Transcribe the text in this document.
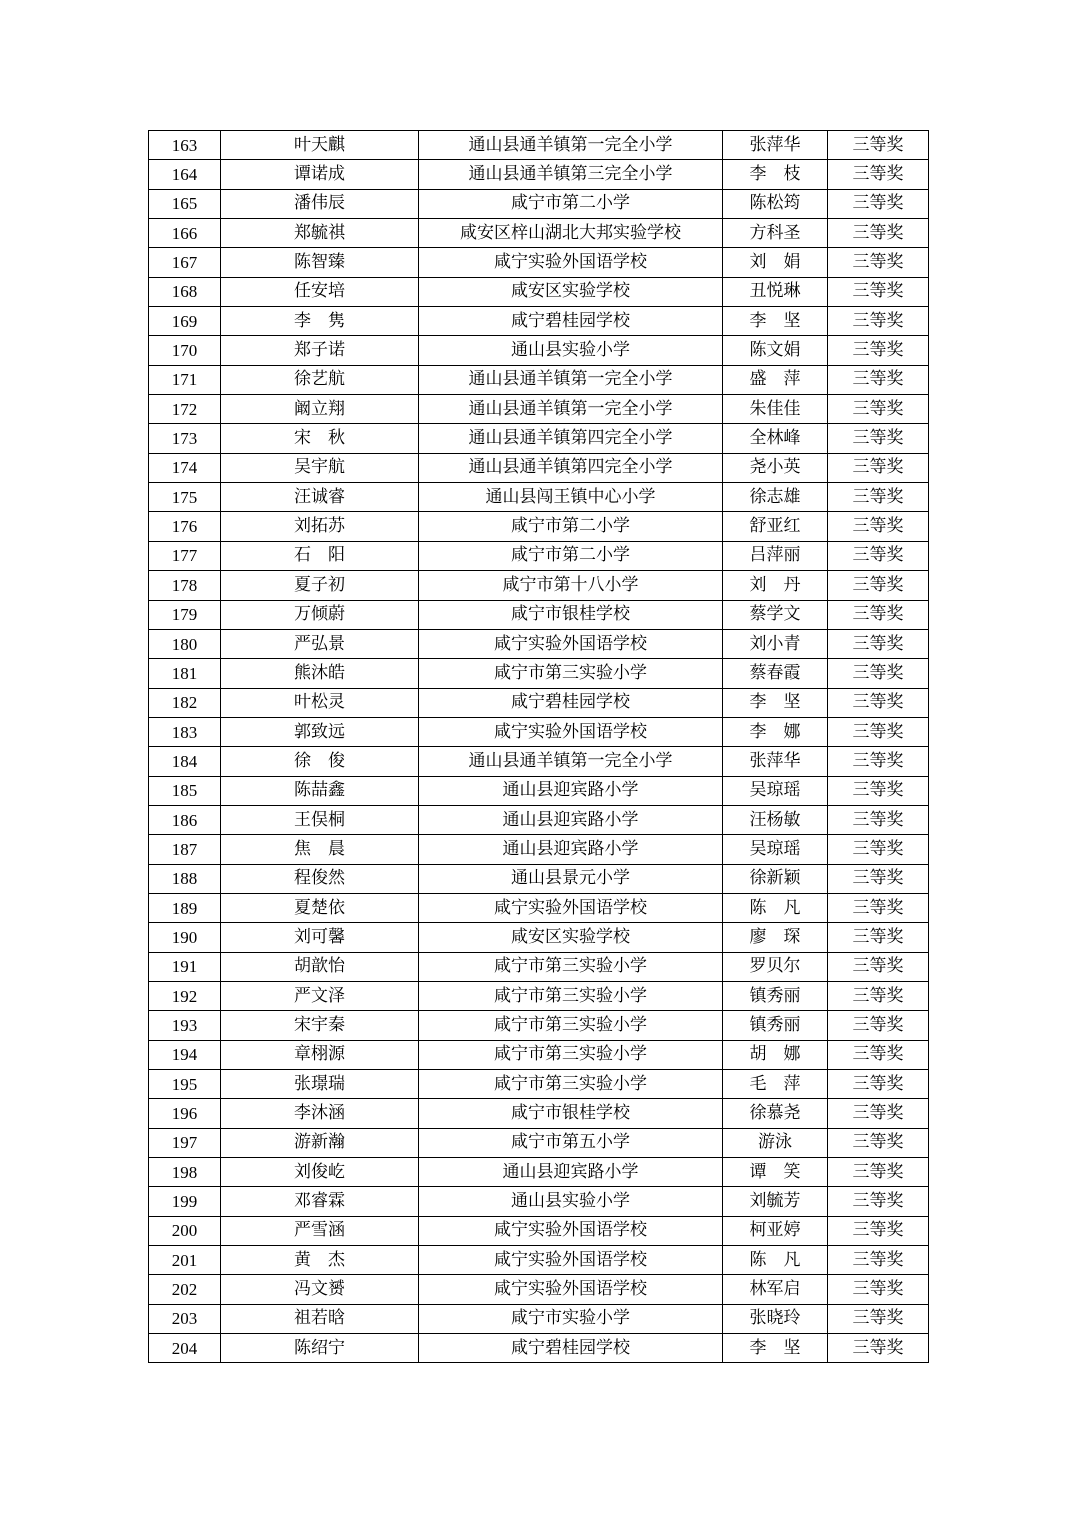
163	叶天麒	通山县通羊镇第一完全小学	张萍华	三等奖
164	谭诺成	通山县通羊镇第三完全小学	李　枝	三等奖
165	潘伟辰	咸宁市第二小学	陈松筠	三等奖
166	郑毓祺	咸安区梓山湖北大邦实验学校	方科圣	三等奖
167	陈智臻	咸宁实验外国语学校	刘　娟	三等奖
168	任安培	咸安区实验学校	丑悦琳	三等奖
169	李　隽	咸宁碧桂园学校	李　坚	三等奖
170	郑子诺	通山县实验小学	陈文娟	三等奖
171	徐艺航	通山县通羊镇第一完全小学	盛　萍	三等奖
172	阚立翔	通山县通羊镇第一完全小学	朱佳佳	三等奖
173	宋　秋	通山县通羊镇第四完全小学	全林峰	三等奖
174	吴宇航	通山县通羊镇第四完全小学	尧小英	三等奖
175	汪诚睿	通山县闯王镇中心小学	徐志雄	三等奖
176	刘拓苏	咸宁市第二小学	舒亚红	三等奖
177	石　阳	咸宁市第二小学	吕萍丽	三等奖
178	夏子初	咸宁市第十八小学	刘　丹	三等奖
179	万倾蔚	咸宁市银桂学校	蔡学文	三等奖
180	严弘景	咸宁实验外国语学校	刘小青	三等奖
181	熊沐皓	咸宁市第三实验小学	蔡春霞	三等奖
182	叶松灵	咸宁碧桂园学校	李　坚	三等奖
183	郭致远	咸宁实验外国语学校	李　娜	三等奖
184	徐　俊	通山县通羊镇第一完全小学	张萍华	三等奖
185	陈喆鑫	通山县迎宾路小学	吴琼瑶	三等奖
186	王俣桐	通山县迎宾路小学	汪杨敏	三等奖
187	焦　晨	通山县迎宾路小学	吴琼瑶	三等奖
188	程俊然	通山县景元小学	徐新颖	三等奖
189	夏楚依	咸宁实验外国语学校	陈　凡	三等奖
190	刘可馨	咸安区实验学校	廖　琛	三等奖
191	胡歆怡	咸宁市第三实验小学	罗贝尔	三等奖
192	严文泽	咸宁市第三实验小学	镇秀丽	三等奖
193	宋宇秦	咸宁市第三实验小学	镇秀丽	三等奖
194	章栩源	咸宁市第三实验小学	胡　娜	三等奖
195	张璟瑞	咸宁市第三实验小学	毛　萍	三等奖
196	李沐涵	咸宁市银桂学校	徐慕尧	三等奖
197	游新瀚	咸宁市第五小学	游泳	三等奖
198	刘俊屹	通山县迎宾路小学	谭　笑	三等奖
199	邓睿霖	通山县实验小学	刘毓芳	三等奖
200	严雪涵	咸宁实验外国语学校	柯亚婷	三等奖
201	黄　杰	咸宁实验外国语学校	陈　凡	三等奖
202	冯文赟	咸宁实验外国语学校	林军启	三等奖
203	祖若晗	咸宁市实验小学	张晓玲	三等奖
204	陈绍宁	咸宁碧桂园学校	李　坚	三等奖
